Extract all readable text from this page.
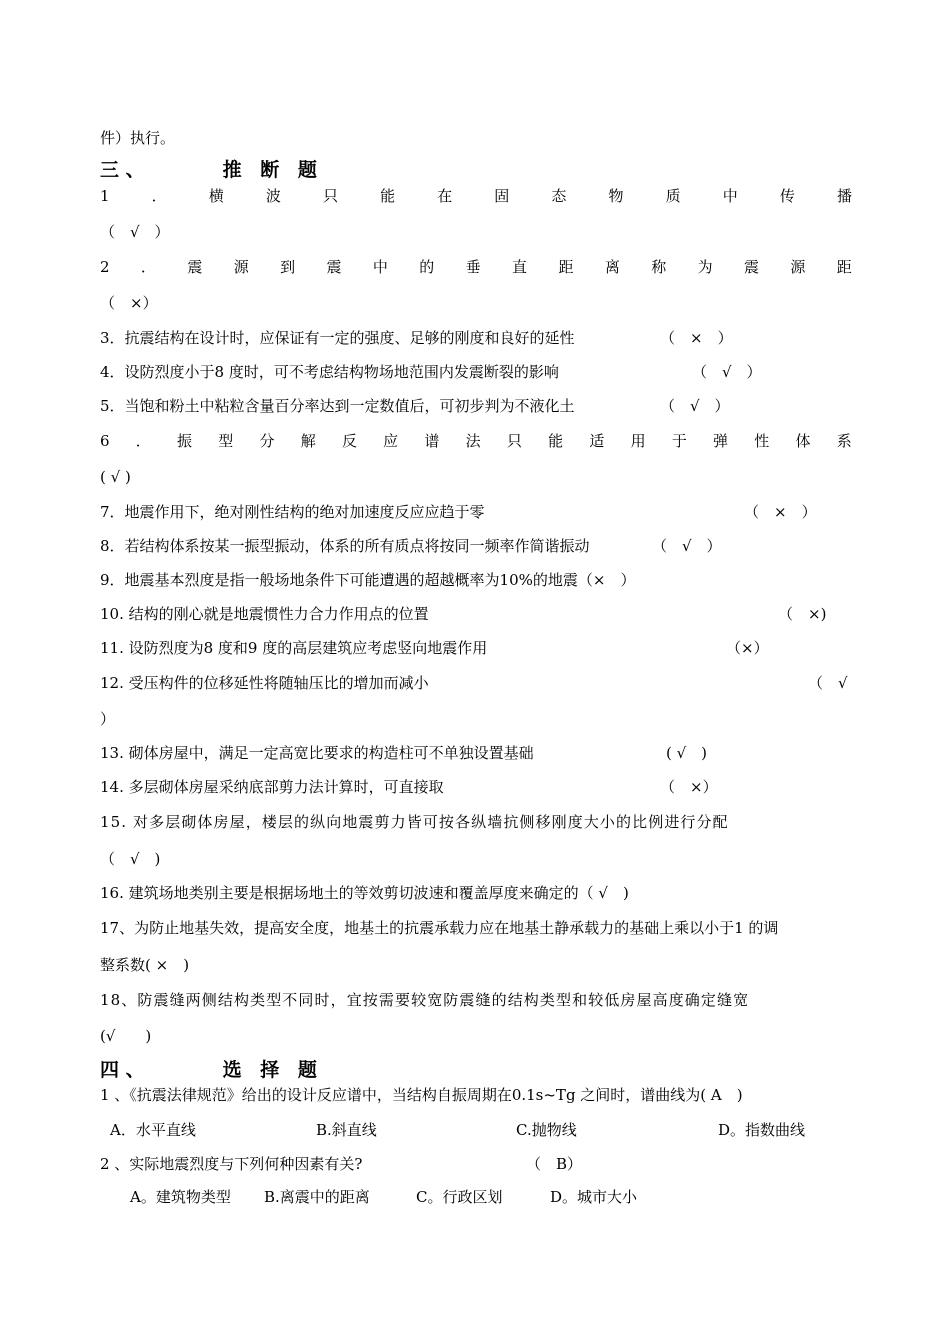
件）执行。
三 、	推 断 题
1	．	横	波	只	能	在	固	态	物	质	中	传	播
（　√　）
2 ． 震 源 到 震 中 的 垂 直 距 离 称 为 震 源 距
（　×）
3．抗震结构在设计时，应保证有一定的强度、足够的刚度和良好的延性	（　×　）
4．设防烈度小于8 度时，可不考虑结构物场地范围内发震断裂的影响	（　√　）
5．当饱和粉土中粘粒含量百分率达到一定数值后，可初步判为不液化土	（　√　）
6 ． 振 型 分 解 反 应 谱 法 只 能 适 用 于 弹 性 体 系
( √ )
7．地震作用下，绝对刚性结构的绝对加速度反应应趋于零	（　×　）
8．若结构体系按某一振型振动，体系的所有质点将按同一频率作简谐振动	（　√　）
9．地震基本烈度是指一般场地条件下可能遭遇的超越概率为10%的地震（×　）
10. 结构的刚心就是地震惯性力合力作用点的位置	（　×)
11. 设防烈度为8 度和9 度的高层建筑应考虑竖向地震作用	（×）
12. 受压构件的位移延性将随轴压比的增加而减小	（　√
）
13. 砌体房屋中，满足一定高宽比要求的构造柱可不单独设置基础	( √　)
14. 多层砌体房屋采纳底部剪力法计算时，可直接取	（　×）
15. 对多层砌体房屋，楼层的纵向地震剪力皆可按各纵墙抗侧移刚度大小的比例进行分配
（　√　)
16. 建筑场地类别主要是根据场地土的等效剪切波速和覆盖厚度来确定的（ √　)
17、为防止地基失效，提高安全度，地基土的抗震承载力应在地基土静承载力的基础上乘以小于1 的调
整系数( ×　)
18、防震缝两侧结构类型不同时，宜按需要较宽防震缝的结构类型和较低房屋高度确定缝宽
(√　　)
四 、	选 择 题
1 、《抗震法律规范》给出的设计反应谱中，当结构自振周期在0.1s~Tg 之间时，谱曲线为( A　)
A．水平直线	B.斜直线	C.抛物线	D。指数曲线
2 、实际地震烈度与下列何种因素有关?	（　B）
A。建筑物类型 B.离震中的距离	C。行政区划	D。城市大小
